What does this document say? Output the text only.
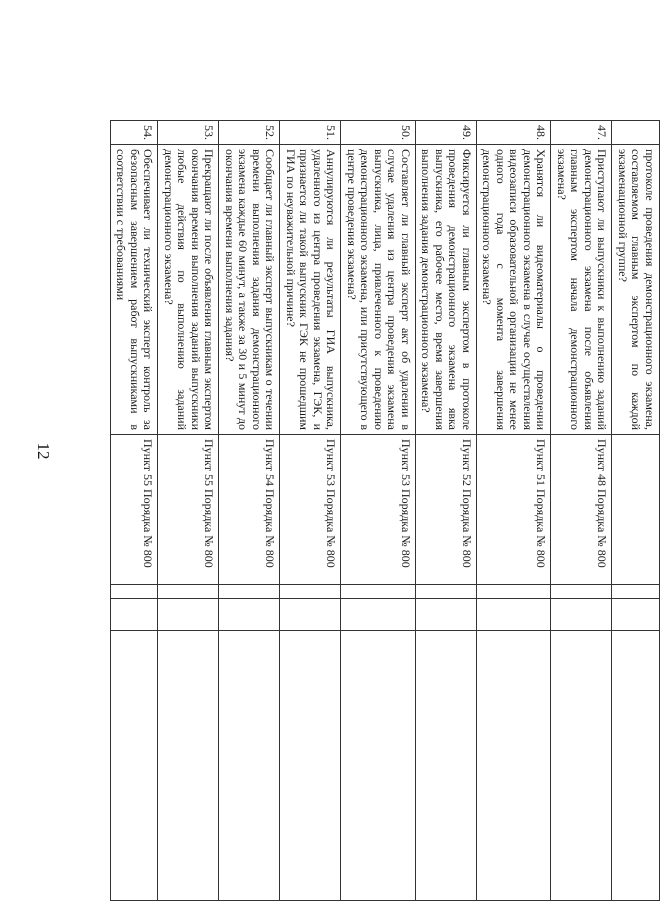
12
	протоколе проведения демонстрационного экзамена, составляемом главным экспертом по каждой экзаменационной группе?				
47.	Приступают ли выпускники к выполнению заданий демонстрационного экзамена после объявления главным экспертом начала демонстрационного экзамена?	Пункт 48 Порядка № 800			
48.	Хранятся ли видеоматериалы о проведении демонстрационного экзамена в случае осуществления видеозаписи образовательной организации не менее одного года с момента завершения демонстрационного экзамена?	Пункт 51 Порядка № 800			
49.	Фиксируется ли главным экспертом в протоколе проведения демонстрационного экзамена явка выпускника, его рабочее место, время завершения выполнения задания демонстрационного экзамена?	Пункт 52 Порядка № 800			
50.	Составляет ли главный эксперт акт об удалении в случае удаления из центра проведения экзамена выпускника, лица, привлеченного к проведению демонстрационного экзамена, или присутствующего в центре проведения экзамена?	Пункт 53 Порядка № 800			
51.	Аннулируются ли результаты ГИА выпускника, удаленного из центра проведения экзамена, ГЭК, и признается ли такой выпускник ГЭК не прошедшим ГИА по неуважительной причине?	Пункт 53 Порядка № 800			
52.	Сообщает ли главный эксперт выпускникам о течении времени выполнения задания демонстрационного экзамена каждые 60 минут, а также за 30 и 5 минут до окончания времени выполнения задания?	Пункт 54 Порядка № 800			
53.	Прекращают ли после объявления главным экспертом окончания времени выполнения заданий выпускники любые действия по выполнению заданий демонстрационного экзамена?	Пункт 55 Порядка № 800			
54.	Обеспечивает ли технический эксперт контроль за безопасным завершением работ выпускниками в соответствии с требованиями	Пункт 55 Порядка № 800			
